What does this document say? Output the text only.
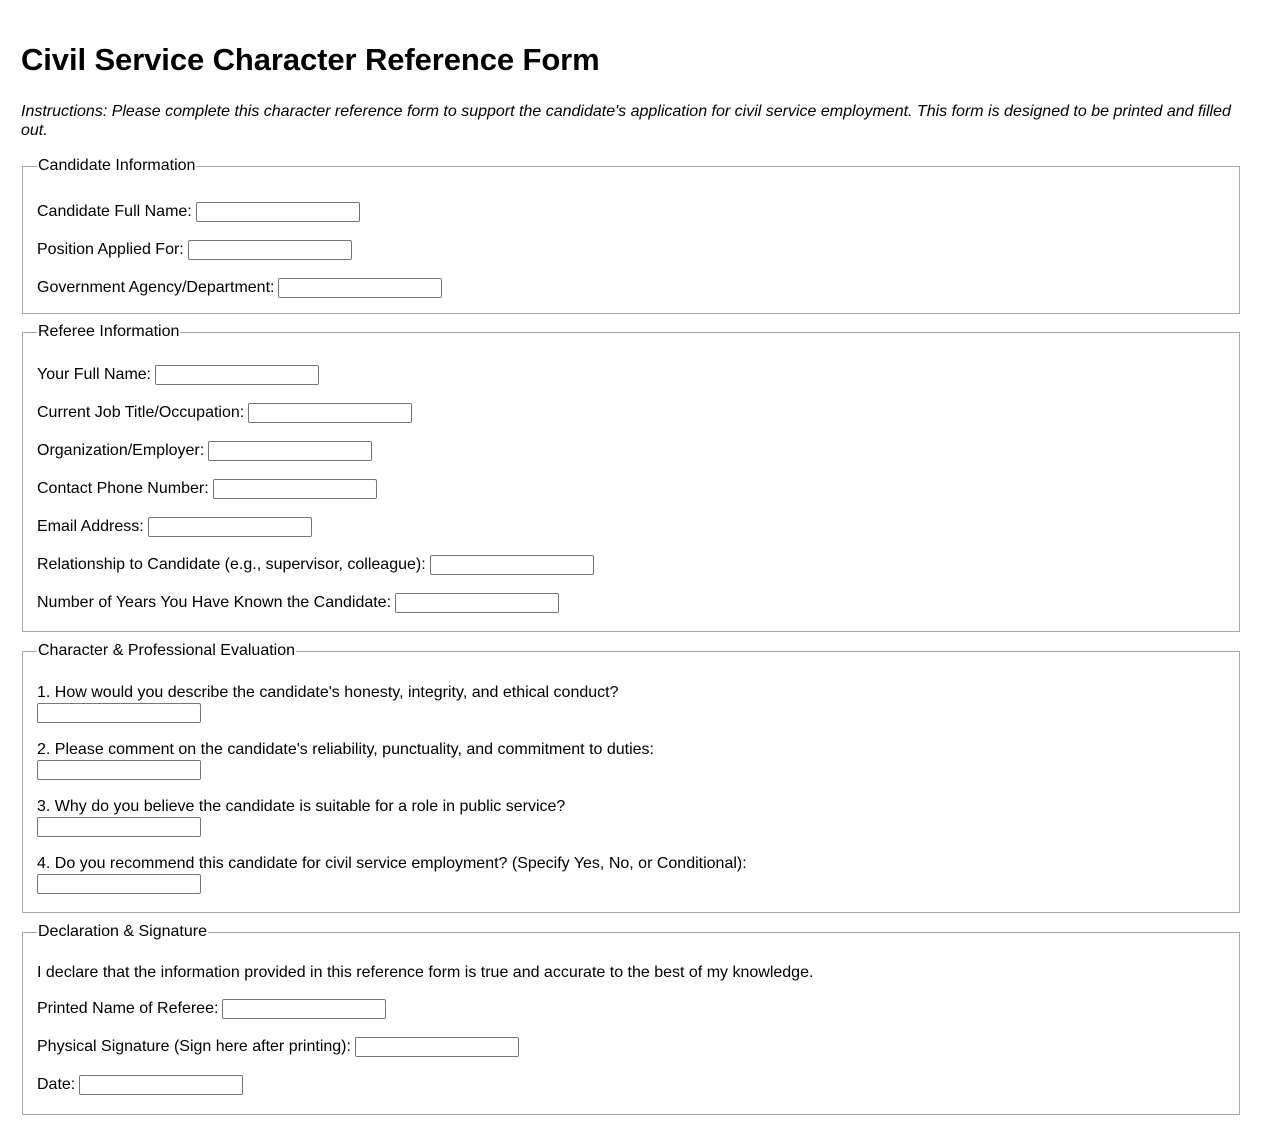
Civil Service Character Reference Form

Instructions: Please complete this character reference form to support the candidate's application for civil service employment. This form is designed to be printed and filled out.

Candidate Information
Candidate Full Name:
Position Applied For:
Government Agency/Department:
Referee Information
Your Full Name:
Current Job Title/Occupation:
Organization/Employer:
Contact Phone Number:
Email Address:
Relationship to Candidate (e.g., supervisor, colleague):
Number of Years You Have Known the Candidate:
Character & Professional Evaluation
1. How would you describe the candidate's honesty, integrity, and ethical conduct?
2. Please comment on the candidate's reliability, punctuality, and commitment to duties:
3. Why do you believe the candidate is suitable for a role in public service?
4. Do you recommend this candidate for civil service employment? (Specify Yes, No, or Conditional):
Declaration & Signature
I declare that the information provided in this reference form is true and accurate to the best of my knowledge.
Printed Name of Referee:
Physical Signature (Sign here after printing):
Date:
